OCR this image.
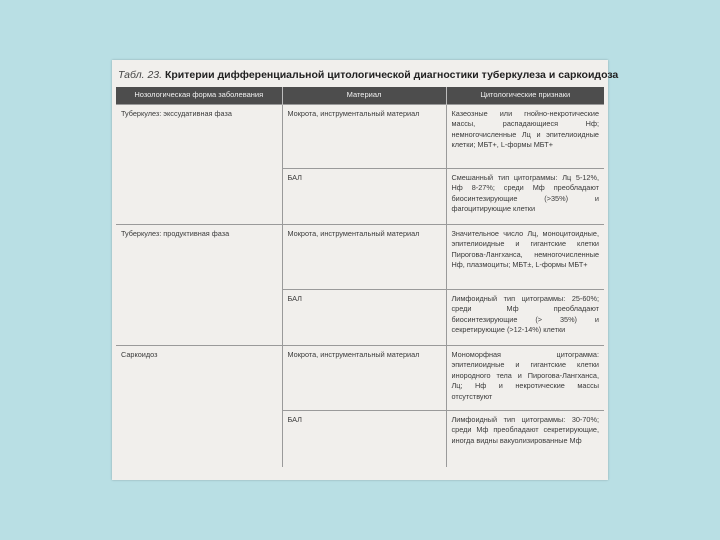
Табл. 23. Критерии дифференциальной цитологической диагностики туберкулеза и саркоидоза
Нозологическая форма заболевания	Материал	Цитологические признаки
Туберкулез: экссудативная фаза	Мокрота, инструментальный материал	Казеозные или гнойно-некротические массы, распадающиеся Нф; немногочисленные Лц и эпителиоидные клетки; МБТ+, L-формы МБТ+
	БАЛ	Смешанный тип цитограммы: Лц 5-12%, Нф 8-27%; среди Мф преобладают биосинтезирующие (>35%) и фагоцитирующие клетки
Туберкулез: продуктивная фаза	Мокрота, инструментальный материал	Значительное число Лц, моноцитоидные, эпителиоидные и гигантские клетки Пирогова-Лангханса, немногочисленные Нф, плазмоциты; МБТ±, L-формы МБТ+
	БАЛ	Лимфоидный тип цитограммы: 25-60%; среди Мф преобладают биосинтезирующие (> 35%) и секретирующие (>12-14%) клетки
Саркоидоз	Мокрота, инструментальный материал	Мономорфная цитограмма: эпителиоидные и гигантские клетки инородного тела и Пирогова-Лангханса, Лц; Нф и некротические массы отсутствуют
	БАЛ	Лимфоидный тип цитограммы: 30-70%; среди Мф преобладают секретирующие, иногда видны вакуолизированные Мф
